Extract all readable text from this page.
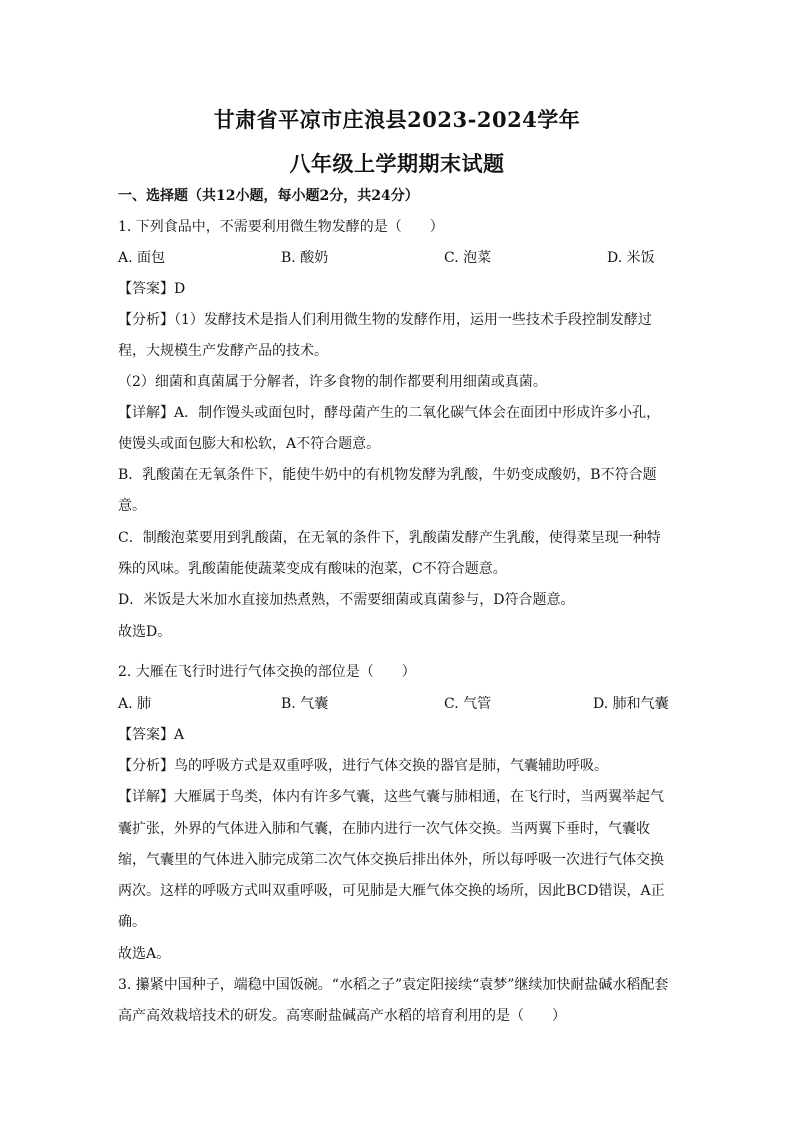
甘肃省平凉市庄浪县2023-2024学年
八年级上学期期末试题
一、选择题（共12小题，每小题2分，共24分）
1. 下列食品中，不需要利用微生物发酵的是（　　）
A. 面包	B. 酸奶	C. 泡菜	D. 米饭
【答案】D
【分析】（1）发酵技术是指人们利用微生物的发酵作用，运用一些技术手段控制发酵过
程，大规模生产发酵产品的技术。
（2）细菌和真菌属于分解者，许多食物的制作都要利用细菌或真菌。
【详解】A．制作馒头或面包时，酵母菌产生的二氧化碳气体会在面团中形成许多小孔，
使馒头或面包膨大和松软，A不符合题意。
B．乳酸菌在无氧条件下，能使牛奶中的有机物发酵为乳酸，牛奶变成酸奶，B不符合题
意。
C．制酸泡菜要用到乳酸菌，在无氧的条件下，乳酸菌发酵产生乳酸，使得菜呈现一种特
殊的风味。乳酸菌能使蔬菜变成有酸味的泡菜，C不符合题意。
D．米饭是大米加水直接加热煮熟，不需要细菌或真菌参与，D符合题意。
故选D。
2. 大雁在飞行时进行气体交换的部位是（　　）
A. 肺	B. 气囊	C. 气管	D. 肺和气囊
【答案】A
【分析】鸟的呼吸方式是双重呼吸，进行气体交换的器官是肺，气囊辅助呼吸。
【详解】大雁属于鸟类，体内有许多气囊，这些气囊与肺相通，在飞行时，当两翼举起气
囊扩张，外界的气体进入肺和气囊，在肺内进行一次气体交换。当两翼下垂时，气囊收
缩，气囊里的气体进入肺完成第二次气体交换后排出体外，所以每呼吸一次进行气体交换
两次。这样的呼吸方式叫双重呼吸，可见肺是大雁气体交换的场所，因此BCD错误，A正
确。
故选A。
3. 攥紧中国种子，端稳中国饭碗。“水稻之子”袁定阳接续“袁梦”继续加快耐盐碱水稻配套
高产高效栽培技术的研发。高寒耐盐碱高产水稻的培育利用的是（　　）
